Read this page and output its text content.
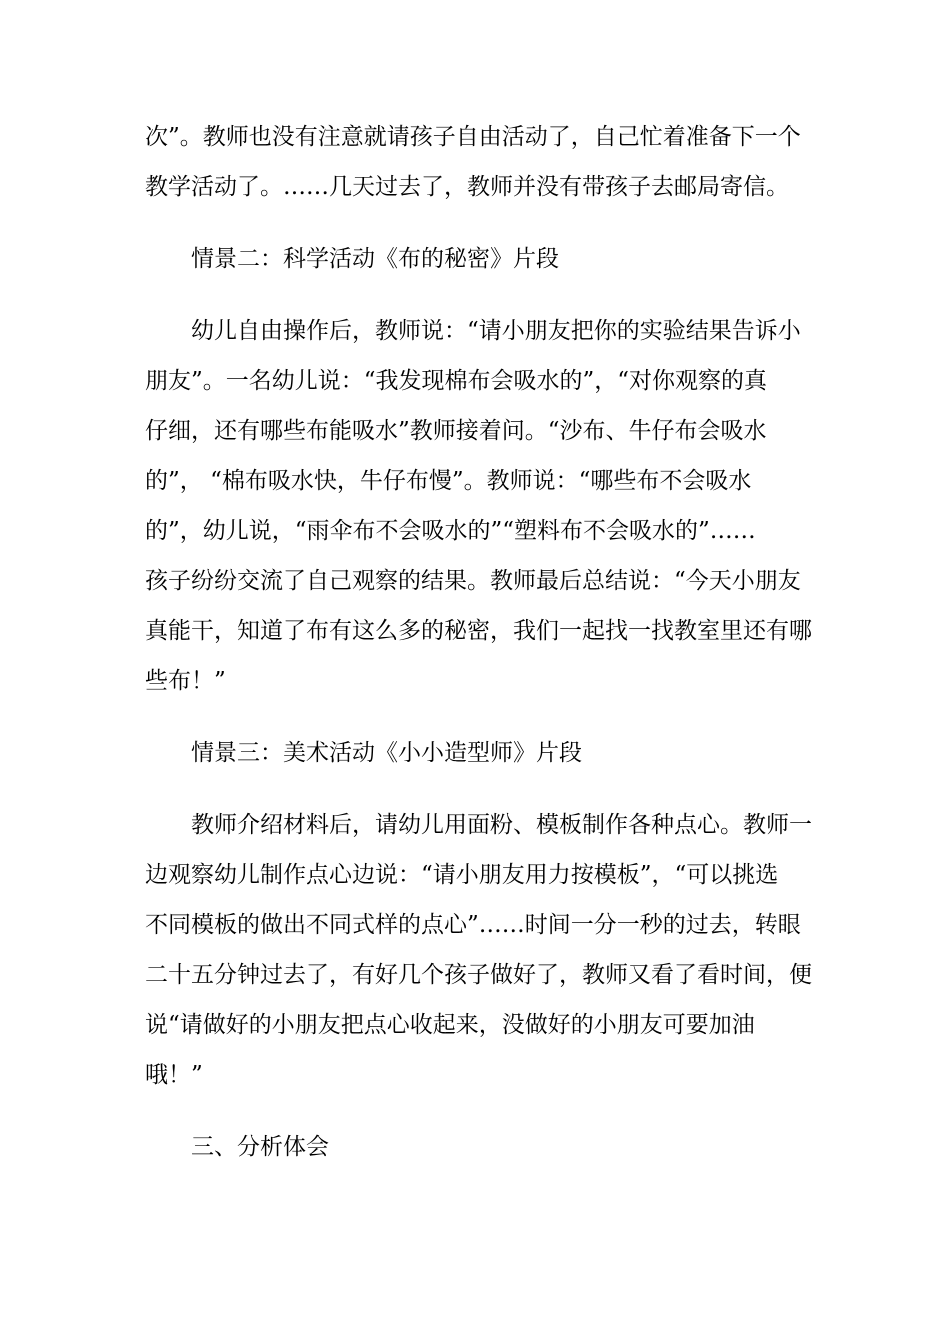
次”。教师也没有注意就请孩子自由活动了，自己忙着准备下一个
教学活动了。……几天过去了，教师并没有带孩子去邮局寄信。
情景二：科学活动《布的秘密》片段
幼儿自由操作后，教师说：“请小朋友把你的实验结果告诉小
朋友”。一名幼儿说：“我发现棉布会吸水的”，“对你观察的真
仔细，还有哪些布能吸水”教师接着问。“沙布、牛仔布会吸水
的”， “棉布吸水快，牛仔布慢”。教师说：“哪些布不会吸水
的”，幼儿说，“雨伞布不会吸水的”“塑料布不会吸水的”……
孩子纷纷交流了自己观察的结果。教师最后总结说：“今天小朋友
真能干，知道了布有这么多的秘密，我们一起找一找教室里还有哪
些布！”
情景三：美术活动《小小造型师》片段
教师介绍材料后，请幼儿用面粉、模板制作各种点心。教师一
边观察幼儿制作点心边说：“请小朋友用力按模板”，“可以挑选
不同模板的做出不同式样的点心”……时间一分一秒的过去，转眼
二十五分钟过去了，有好几个孩子做好了，教师又看了看时间，便
说“请做好的小朋友把点心收起来，没做好的小朋友可要加油
哦！”
三、分析体会
